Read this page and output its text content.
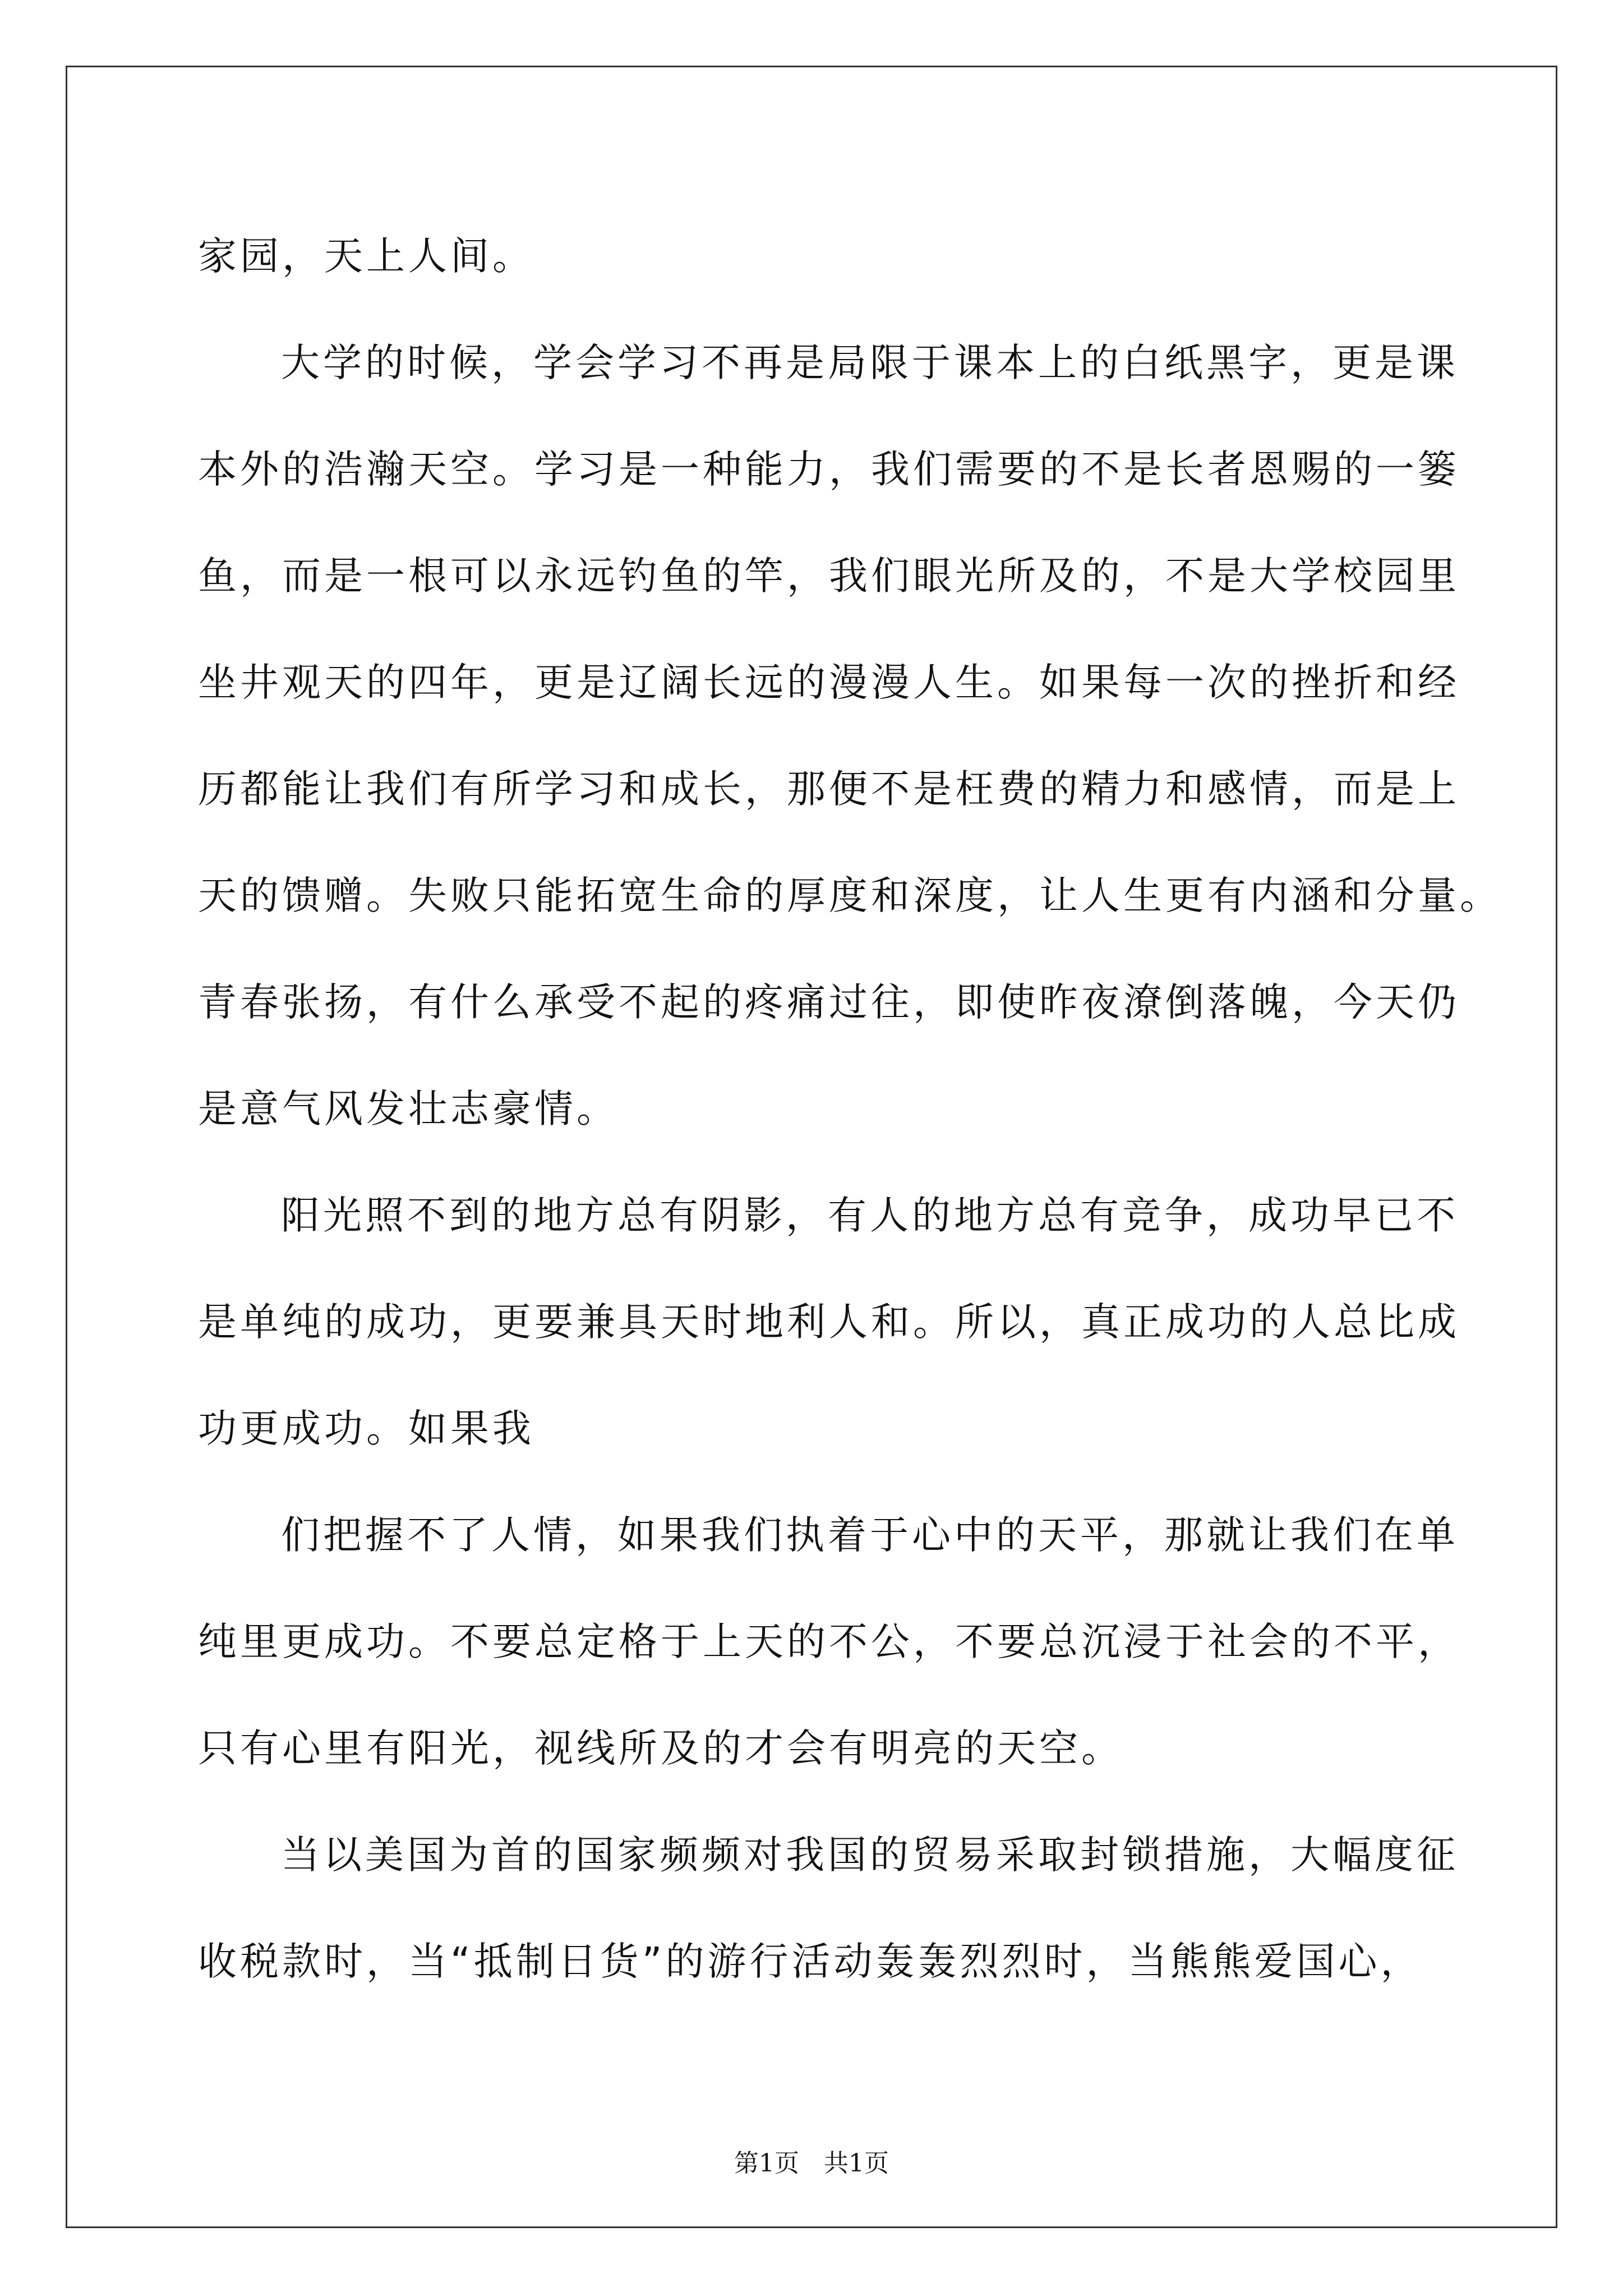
家园，天上人间。
大学的时候，学会学习不再是局限于课本上的白纸黑字，更是课
本外的浩瀚天空。学习是一种能力，我们需要的不是长者恩赐的一篓
鱼，而是一根可以永远钓鱼的竿，我们眼光所及的，不是大学校园里
坐井观天的四年，更是辽阔长远的漫漫人生。如果每一次的挫折和经
历都能让我们有所学习和成长，那便不是枉费的精力和感情，而是上
天的馈赠。失败只能拓宽生命的厚度和深度，让人生更有内涵和分量。
青春张扬，有什么承受不起的疼痛过往，即使昨夜潦倒落魄，今天仍
是意气风发壮志豪情。
阳光照不到的地方总有阴影，有人的地方总有竞争，成功早已不
是单纯的成功，更要兼具天时地利人和。所以，真正成功的人总比成
功更成功。如果我
们把握不了人情，如果我们执着于心中的天平，那就让我们在单
纯里更成功。不要总定格于上天的不公，不要总沉浸于社会的不平，
只有心里有阳光，视线所及的才会有明亮的天空。
当以美国为首的国家频频对我国的贸易采取封锁措施，大幅度征
收税款时，当“抵制日货”的游行活动轰轰烈烈时，当熊熊爱国心，
第1页　共1页
